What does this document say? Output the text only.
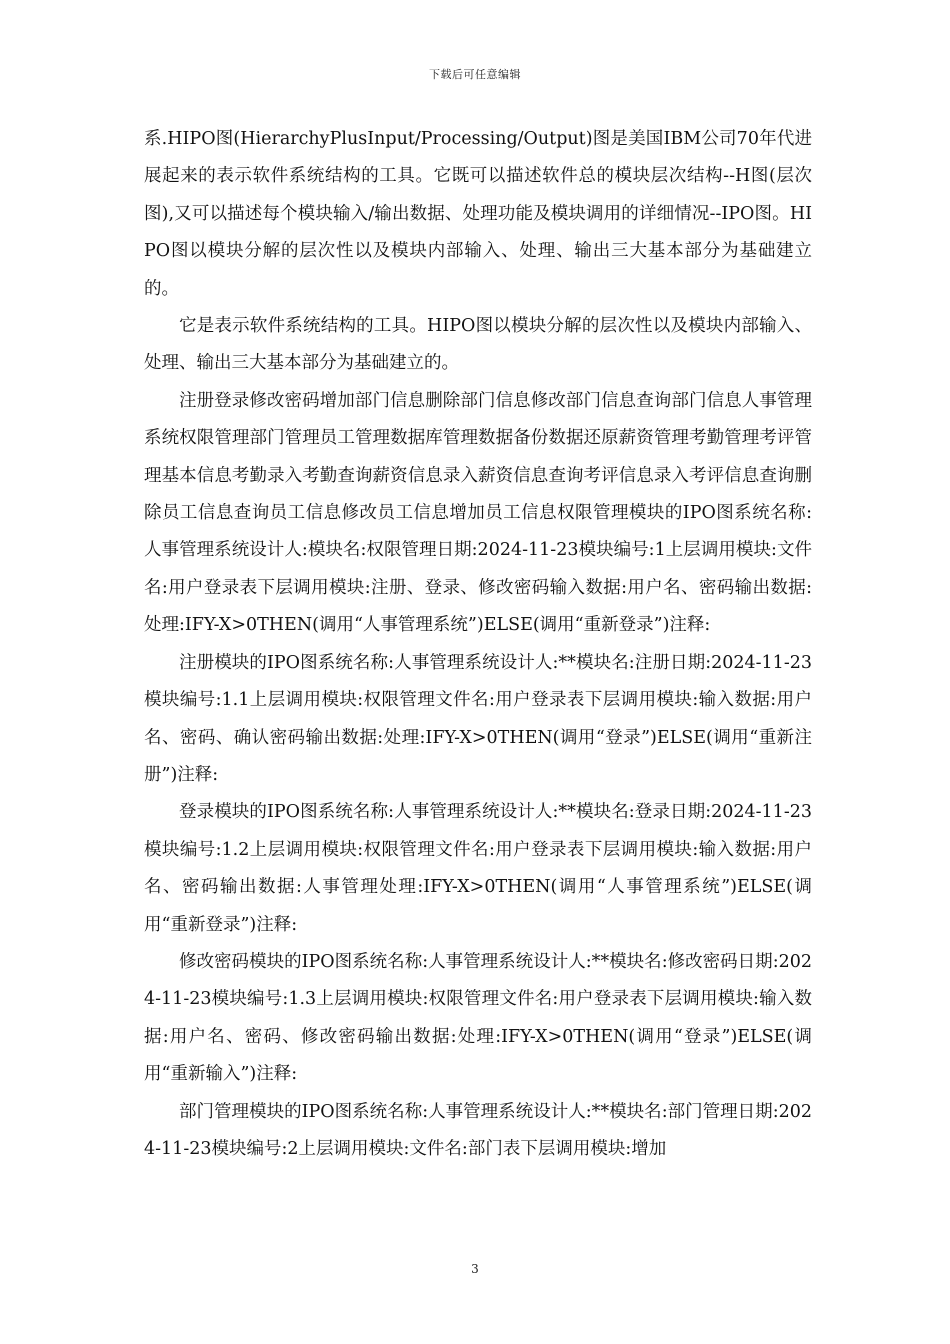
下载后可任意编辑

系.HIPO图(HierarchyPlusInput/Processing/Output)图是美国IBM公司70年代进展起来的表示软件系统结构的工具。它既可以描述软件总的模块层次结构--H图(层次图),又可以描述每个模块输入/输出数据、处理功能及模块调用的详细情况--IPO图。HIPO图以模块分解的层次性以及模块内部输入、处理、输出三大基本部分为基础建立的。

它是表示软件系统结构的工具。HIPO图以模块分解的层次性以及模块内部输入、处理、输出三大基本部分为基础建立的。

注册登录修改密码增加部门信息删除部门信息修改部门信息查询部门信息人事管理系统权限管理部门管理员工管理数据库管理数据备份数据还原薪资管理考勤管理考评管理基本信息考勤录入考勤查询薪资信息录入薪资信息查询考评信息录入考评信息查询删除员工信息查询员工信息修改员工信息增加员工信息权限管理模块的IPO图系统名称:人事管理系统设计人:模块名:权限管理日期:2024-11-23模块编号:1上层调用模块:文件名:用户登录表下层调用模块:注册、登录、修改密码输入数据:用户名、密码输出数据:处理:IFY-X>0THEN(调用“人事管理系统”)ELSE(调用“重新登录”)注释:

注册模块的IPO图系统名称:人事管理系统设计人:**模块名:注册日期:2024-11-23模块编号:1.1上层调用模块:权限管理文件名:用户登录表下层调用模块:输入数据:用户名、密码、确认密码输出数据:处理:IFY-X>0THEN(调用“登录”)ELSE(调用“重新注册”)注释:

登录模块的IPO图系统名称:人事管理系统设计人:**模块名:登录日期:2024-11-23模块编号:1.2上层调用模块:权限管理文件名:用户登录表下层调用模块:输入数据:用户名、密码输出数据:人事管理处理:IFY-X>0THEN(调用“人事管理系统”)ELSE(调用“重新登录”)注释:

修改密码模块的IPO图系统名称:人事管理系统设计人:**模块名:修改密码日期:2024-11-23模块编号:1.3上层调用模块:权限管理文件名:用户登录表下层调用模块:输入数据:用户名、密码、修改密码输出数据:处理:IFY-X>0THEN(调用“登录”)ELSE(调用“重新输入”)注释:

部门管理模块的IPO图系统名称:人事管理系统设计人:**模块名:部门管理日期:2024-11-23模块编号:2上层调用模块:文件名:部门表下层调用模块:增加

3
